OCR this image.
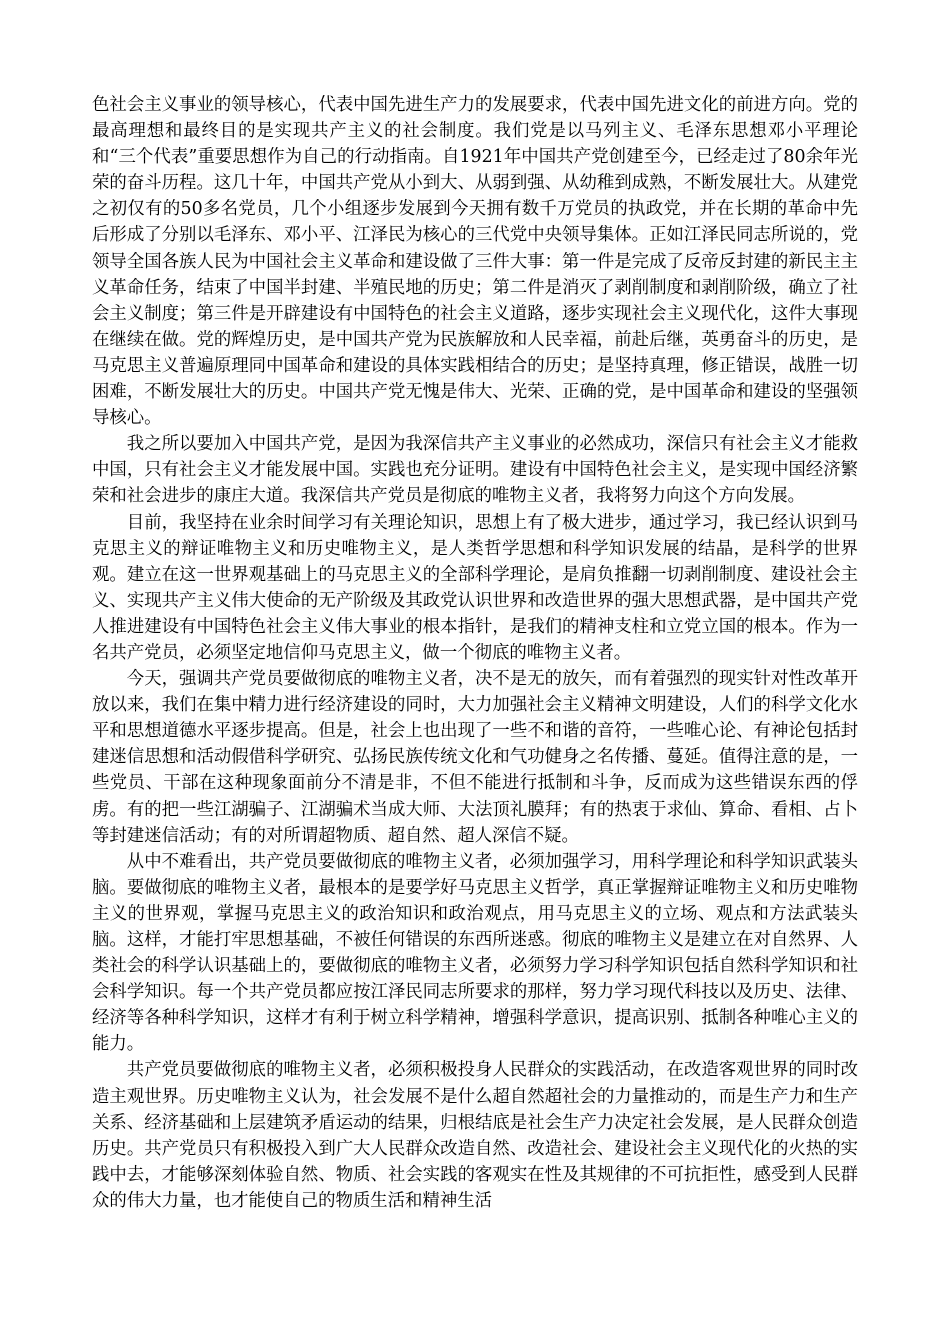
色社会主义事业的领导核心，代表中国先进生产力的发展要求，代表中国先进文化的前进方向。党的最高理想和最终目的是实现共产主义的社会制度。我们党是以马列主义、毛泽东思想邓小平理论和“三个代表”重要思想作为自己的行动指南。自1921年中国共产党创建至今，已经走过了80余年光荣的奋斗历程。这几十年，中国共产党从小到大、从弱到强、从幼稚到成熟，不断发展壮大。从建党之初仅有的50多名党员，几个小组逐步发展到今天拥有数千万党员的执政党，并在长期的革命中先后形成了分别以毛泽东、邓小平、江泽民为核心的三代党中央领导集体。正如江泽民同志所说的，党领导全国各族人民为中国社会主义革命和建设做了三件大事：第一件是完成了反帝反封建的新民主主义革命任务，结束了中国半封建、半殖民地的历史；第二件是消灭了剥削制度和剥削阶级，确立了社会主义制度；第三件是开辟建设有中国特色的社会主义道路，逐步实现社会主义现代化，这件大事现在继续在做。党的辉煌历史，是中国共产党为民族解放和人民幸福，前赴后继，英勇奋斗的历史，是马克思主义普遍原理同中国革命和建设的具体实践相结合的历史；是坚持真理，修正错误，战胜一切困难，不断发展壮大的历史。中国共产党无愧是伟大、光荣、正确的党，是中国革命和建设的坚强领导核心。

我之所以要加入中国共产党，是因为我深信共产主义事业的必然成功，深信只有社会主义才能救中国，只有社会主义才能发展中国。实践也充分证明。建设有中国特色社会主义，是实现中国经济繁荣和社会进步的康庄大道。我深信共产党员是彻底的唯物主义者，我将努力向这个方向发展。

目前，我坚持在业余时间学习有关理论知识，思想上有了极大进步，通过学习，我已经认识到马克思主义的辩证唯物主义和历史唯物主义，是人类哲学思想和科学知识发展的结晶，是科学的世界观。建立在这一世界观基础上的马克思主义的全部科学理论，是肩负推翻一切剥削制度、建设社会主义、实现共产主义伟大使命的无产阶级及其政党认识世界和改造世界的强大思想武器，是中国共产党人推进建设有中国特色社会主义伟大事业的根本指针，是我们的精神支柱和立党立国的根本。作为一名共产党员，必须坚定地信仰马克思主义，做一个彻底的唯物主义者。

今天，强调共产党员要做彻底的唯物主义者，决不是无的放矢，而有着强烈的现实针对性改革开放以来，我们在集中精力进行经济建设的同时，大力加强社会主义精神文明建设，人们的科学文化水平和思想道德水平逐步提高。但是，社会上也出现了一些不和谐的音符，一些唯心论、有神论包括封建迷信思想和活动假借科学研究、弘扬民族传统文化和气功健身之名传播、蔓延。值得注意的是，一些党员、干部在这种现象面前分不清是非，不但不能进行抵制和斗争，反而成为这些错误东西的俘虏。有的把一些江湖骗子、江湖骗术当成大师、大法顶礼膜拜；有的热衷于求仙、算命、看相、占卜等封建迷信活动；有的对所谓超物质、超自然、超人深信不疑。

从中不难看出，共产党员要做彻底的唯物主义者，必须加强学习，用科学理论和科学知识武装头脑。要做彻底的唯物主义者，最根本的是要学好马克思主义哲学，真正掌握辩证唯物主义和历史唯物主义的世界观，掌握马克思主义的政治知识和政治观点，用马克思主义的立场、观点和方法武装头脑。这样，才能打牢思想基础，不被任何错误的东西所迷惑。彻底的唯物主义是建立在对自然界、人类社会的科学认识基础上的，要做彻底的唯物主义者，必须努力学习科学知识包括自然科学知识和社会科学知识。每一个共产党员都应按江泽民同志所要求的那样，努力学习现代科技以及历史、法律、经济等各种科学知识，这样才有利于树立科学精神，增强科学意识，提高识别、抵制各种唯心主义的能力。

共产党员要做彻底的唯物主义者，必须积极投身人民群众的实践活动，在改造客观世界的同时改造主观世界。历史唯物主义认为，社会发展不是什么超自然超社会的力量推动的，而是生产力和生产关系、经济基础和上层建筑矛盾运动的结果，归根结底是社会生产力决定社会发展，是人民群众创造历史。共产党员只有积极投入到广大人民群众改造自然、改造社会、建设社会主义现代化的火热的实践中去，才能够深刻体验自然、物质、社会实践的客观实在性及其规律的不可抗拒性，感受到人民群众的伟大力量，也才能使自己的物质生活和精神生活
